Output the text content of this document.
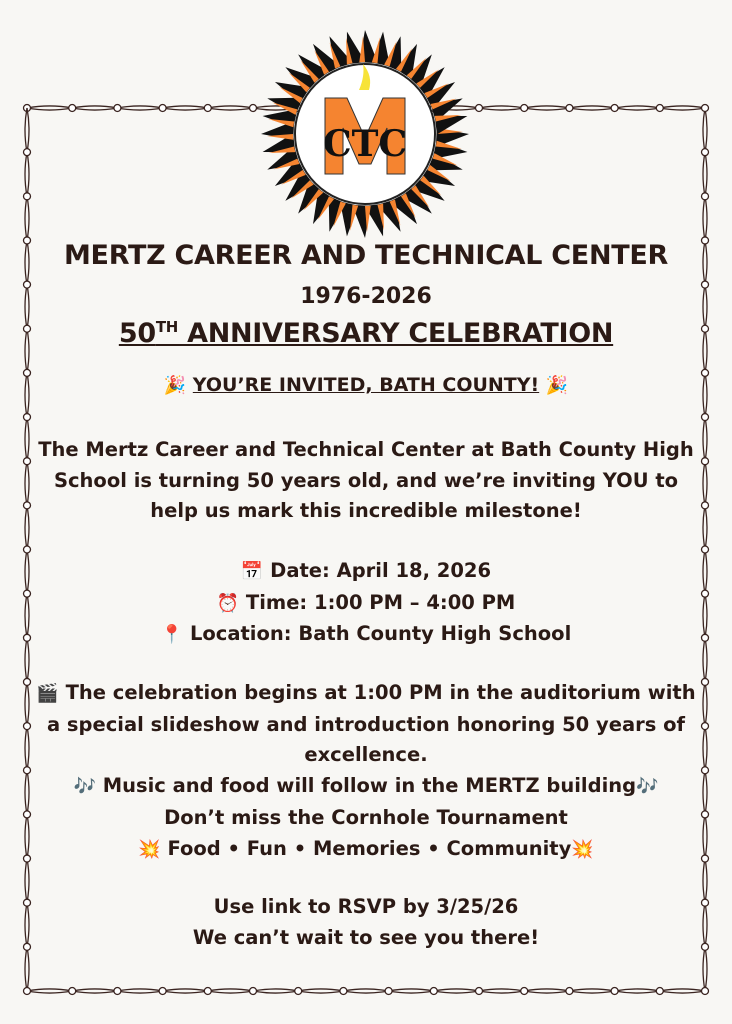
CTC
MERTZ CAREER AND TECHNICAL CENTER
1976-2026
50TH ANNIVERSARY CELEBRATION
🎉 YOU’RE INVITED, BATH COUNTY! 🎉
The Mertz Career and Technical Center at Bath County High School is turning 50 years old, and we’re inviting YOU to help us mark this incredible milestone!
📅 Date: April 18, 2026
⏰ Time: 1:00 PM – 4:00 PM
📍 Location: Bath County High School
🎬 The celebration begins at 1:00 PM in the auditorium with a special slideshow and introduction honoring 50 years of excellence.
🎶 Music and food will follow in the MERTZ building🎶
Don’t miss the Cornhole Tournament
💥 Food • Fun • Memories • Community💥
Use link to RSVP by 3/25/26
We can’t wait to see you there!
